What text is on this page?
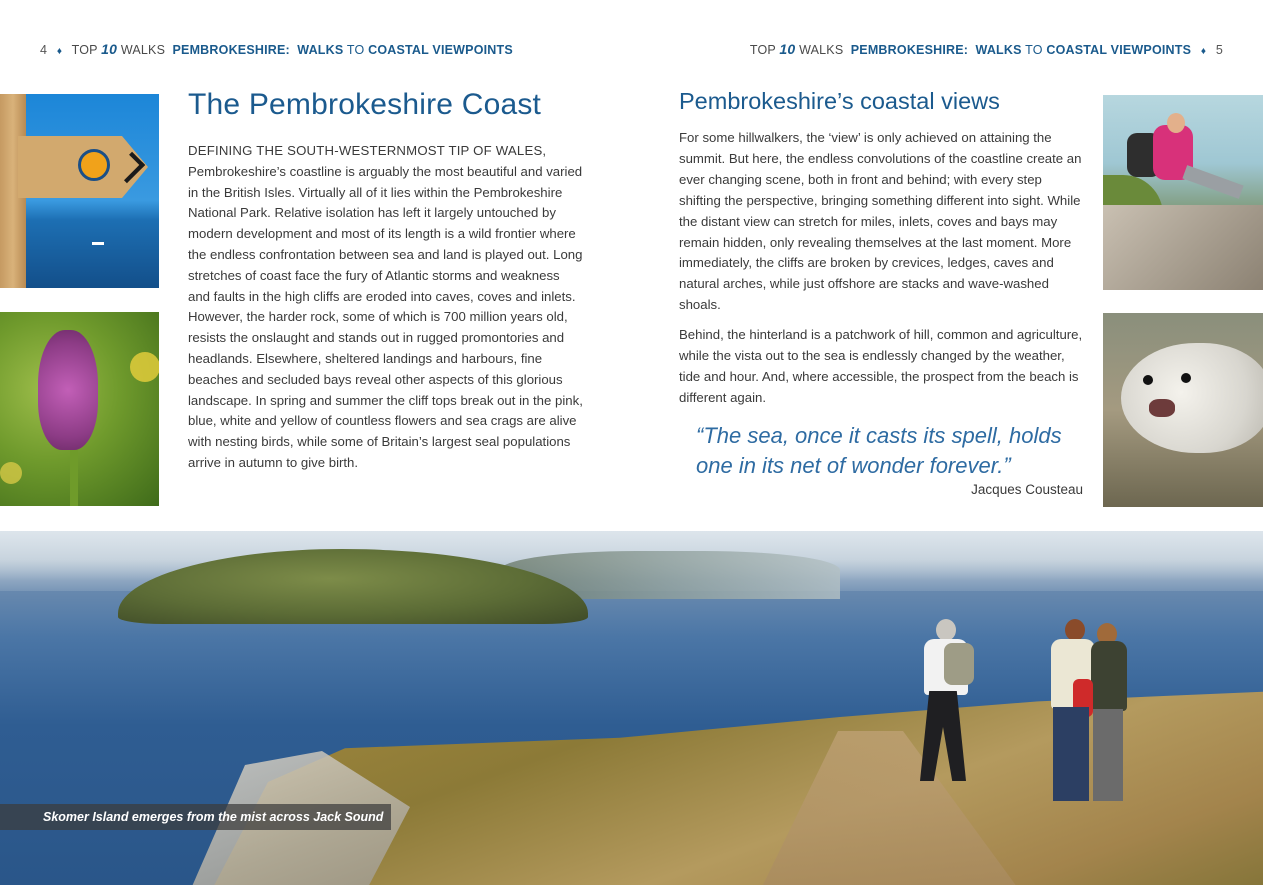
4 ♦ TOP 10 WALKS PEMBROKESHIRE: WALKS TO COASTAL VIEWPOINTS	TOP 10 WALKS PEMBROKESHIRE: WALKS TO COASTAL VIEWPOINTS ♦ 5
The Pembrokeshire Coast
DEFINING THE SOUTH-WESTERNMOST TIP OF WALES, Pembrokeshire’s coastline is arguably the most beautiful and varied in the British Isles. Virtually all of it lies within the Pembrokeshire National Park. Relative isolation has left it largely untouched by modern development and most of its length is a wild frontier where the endless confrontation between sea and land is played out. Long stretches of coast face the fury of Atlantic storms and weakness and faults in the high cliffs are eroded into caves, coves and inlets. However, the harder rock, some of which is 700 million years old, resists the onslaught and stands out in rugged promontories and headlands. Elsewhere, sheltered landings and harbours, fine beaches and secluded bays reveal other aspects of this glorious landscape. In spring and summer the cliff tops break out in the pink, blue, white and yellow of countless flowers and sea crags are alive with nesting birds, while some of Britain’s largest seal populations arrive in autumn to give birth.
Pembrokeshire’s coastal views

For some hillwalkers, the ‘view’ is only achieved on attaining the summit. But here, the endless convolutions of the coastline create an ever changing scene, both in front and behind; with every step shifting the perspective, bringing something different into sight. While the distant view can stretch for miles, inlets, coves and bays may remain hidden, only revealing themselves at the last moment. More immediately, the cliffs are broken by crevices, ledges, caves and natural arches, while just offshore are stacks and wave-washed shoals.

Behind, the hinterland is a patchwork of hill, common and agriculture, while the vista out to the sea is endlessly changed by the weather, tide and hour. And, where accessible, the prospect from the beach is different again.

“The sea, once it casts its spell, holds one in its net of wonder forever.”

Jacques Cousteau
Skomer Island emerges from the mist across Jack Sound
